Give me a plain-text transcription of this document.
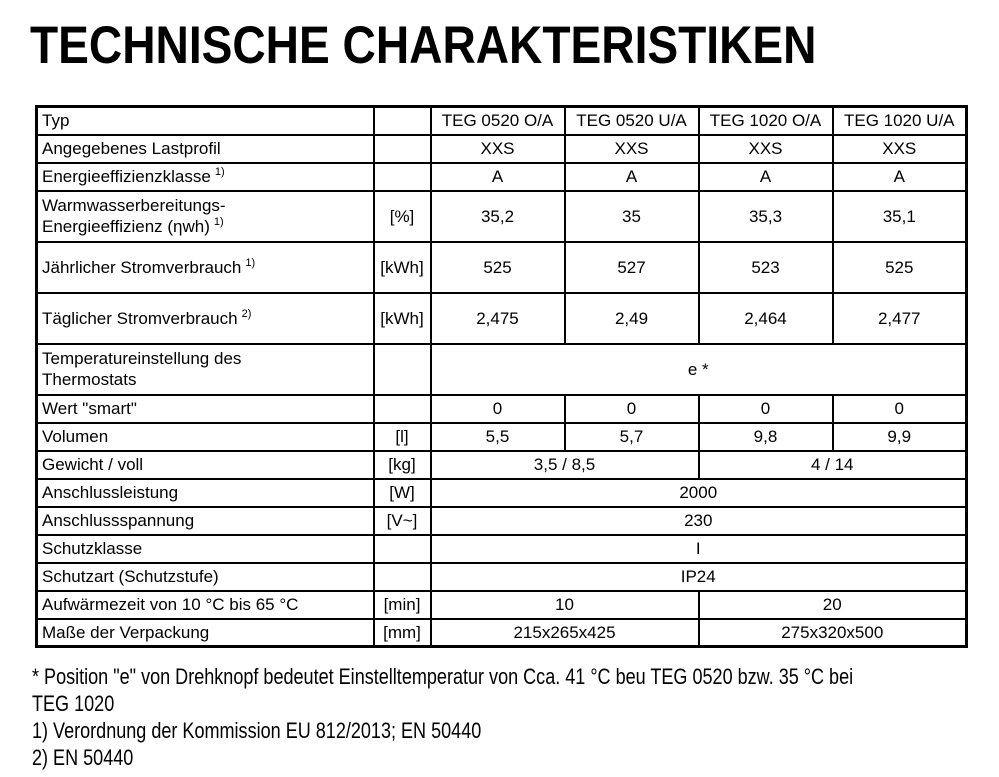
TECHNISCHE CHARAKTERISTIKEN
Typ		TEG 0520 O/A	TEG 0520 U/A	TEG 1020 O/A	TEG 1020 U/A
Angegebenes Lastprofil		XXS	XXS	XXS	XXS
Energieeffizienzklasse $^{1)}$		A	A	A	A

Warmwasserbereitungs-
Energieeffizienz (ηwh) $^{1)}$	[%]	35,2	35	35,3	35,1
Jährlicher Stromverbrauch $^{1)}$	[kWh]	525	527	523	525
Täglicher Stromverbrauch $^{2)}$	[kWh]	2,475	2,49	2,464	2,477

Temperatureinstellung des
Thermostats		e *			
Wert "smart"		0	0	0	0
Volumen	[l]	5,5	5,7	9,8	9,9
Gewicht / voll	[kg]	3,5 / 8,5		4 / 14	
Anschlussleistung	[W]	2000			
Anschlussspannung	[V~]	230			
Schutzklasse		I			
Schutzart (Schutzstufe)		IP24			
Aufwärmezeit von 10 °C bis 65 °C	[min]	10		20	
Maße der Verpackung	[mm]	215x265x425		275x320x500	
* Position "e" von Drehknopf bedeutet Einstelltemperatur von Cca. 41 °C beu TEG 0520 bzw. 35 °C bei
TEG 1020
1) Verordnung der Kommission EU 812/2013; EN 50440
2) EN 50440
